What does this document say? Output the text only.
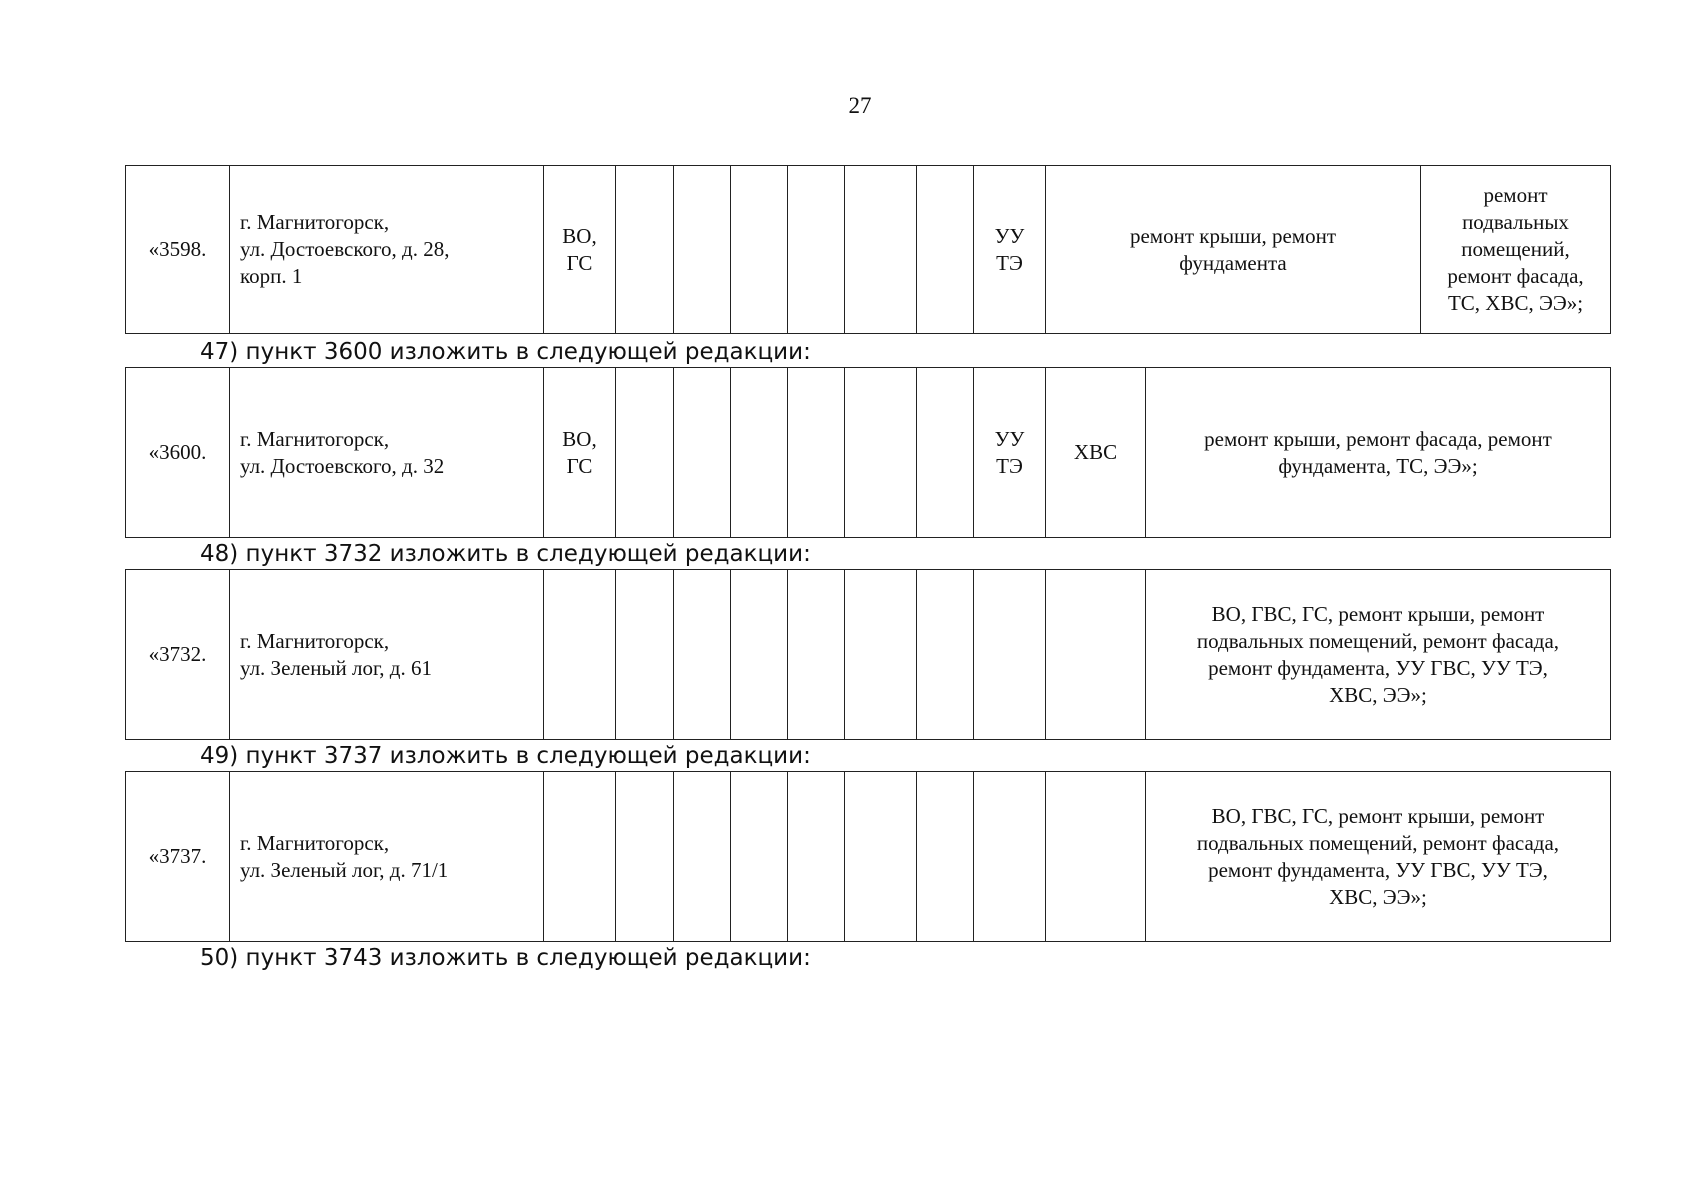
27
«3598.	г. Магнитогорск,
ул. Достоевского, д. 28,
корп. 1	ВО,
ГС							УУ
ТЭ	ремонт крыши, ремонт
фундамента	ремонт
подвальных
помещений,
ремонт фасада,
ТС, ХВС, ЭЭ»;
47) пункт 3600 изложить в следующей редакции:
«3600.	г. Магнитогорск,
ул. Достоевского, д. 32	ВО,
ГС							УУ
ТЭ	ХВС	ремонт крыши, ремонт фасада, ремонт
фундамента, ТС, ЭЭ»;
48) пункт 3732 изложить в следующей редакции:
«3732.	г. Магнитогорск,
ул. Зеленый лог, д. 61										ВО, ГВС, ГС, ремонт крыши, ремонт
подвальных помещений, ремонт фасада,
ремонт фундамента, УУ ГВС, УУ ТЭ,
ХВС, ЭЭ»;
49) пункт 3737 изложить в следующей редакции:
«3737.	г. Магнитогорск,
ул. Зеленый лог, д. 71/1										ВО, ГВС, ГС, ремонт крыши, ремонт
подвальных помещений, ремонт фасада,
ремонт фундамента, УУ ГВС, УУ ТЭ,
ХВС, ЭЭ»;
50) пункт 3743 изложить в следующей редакции:
